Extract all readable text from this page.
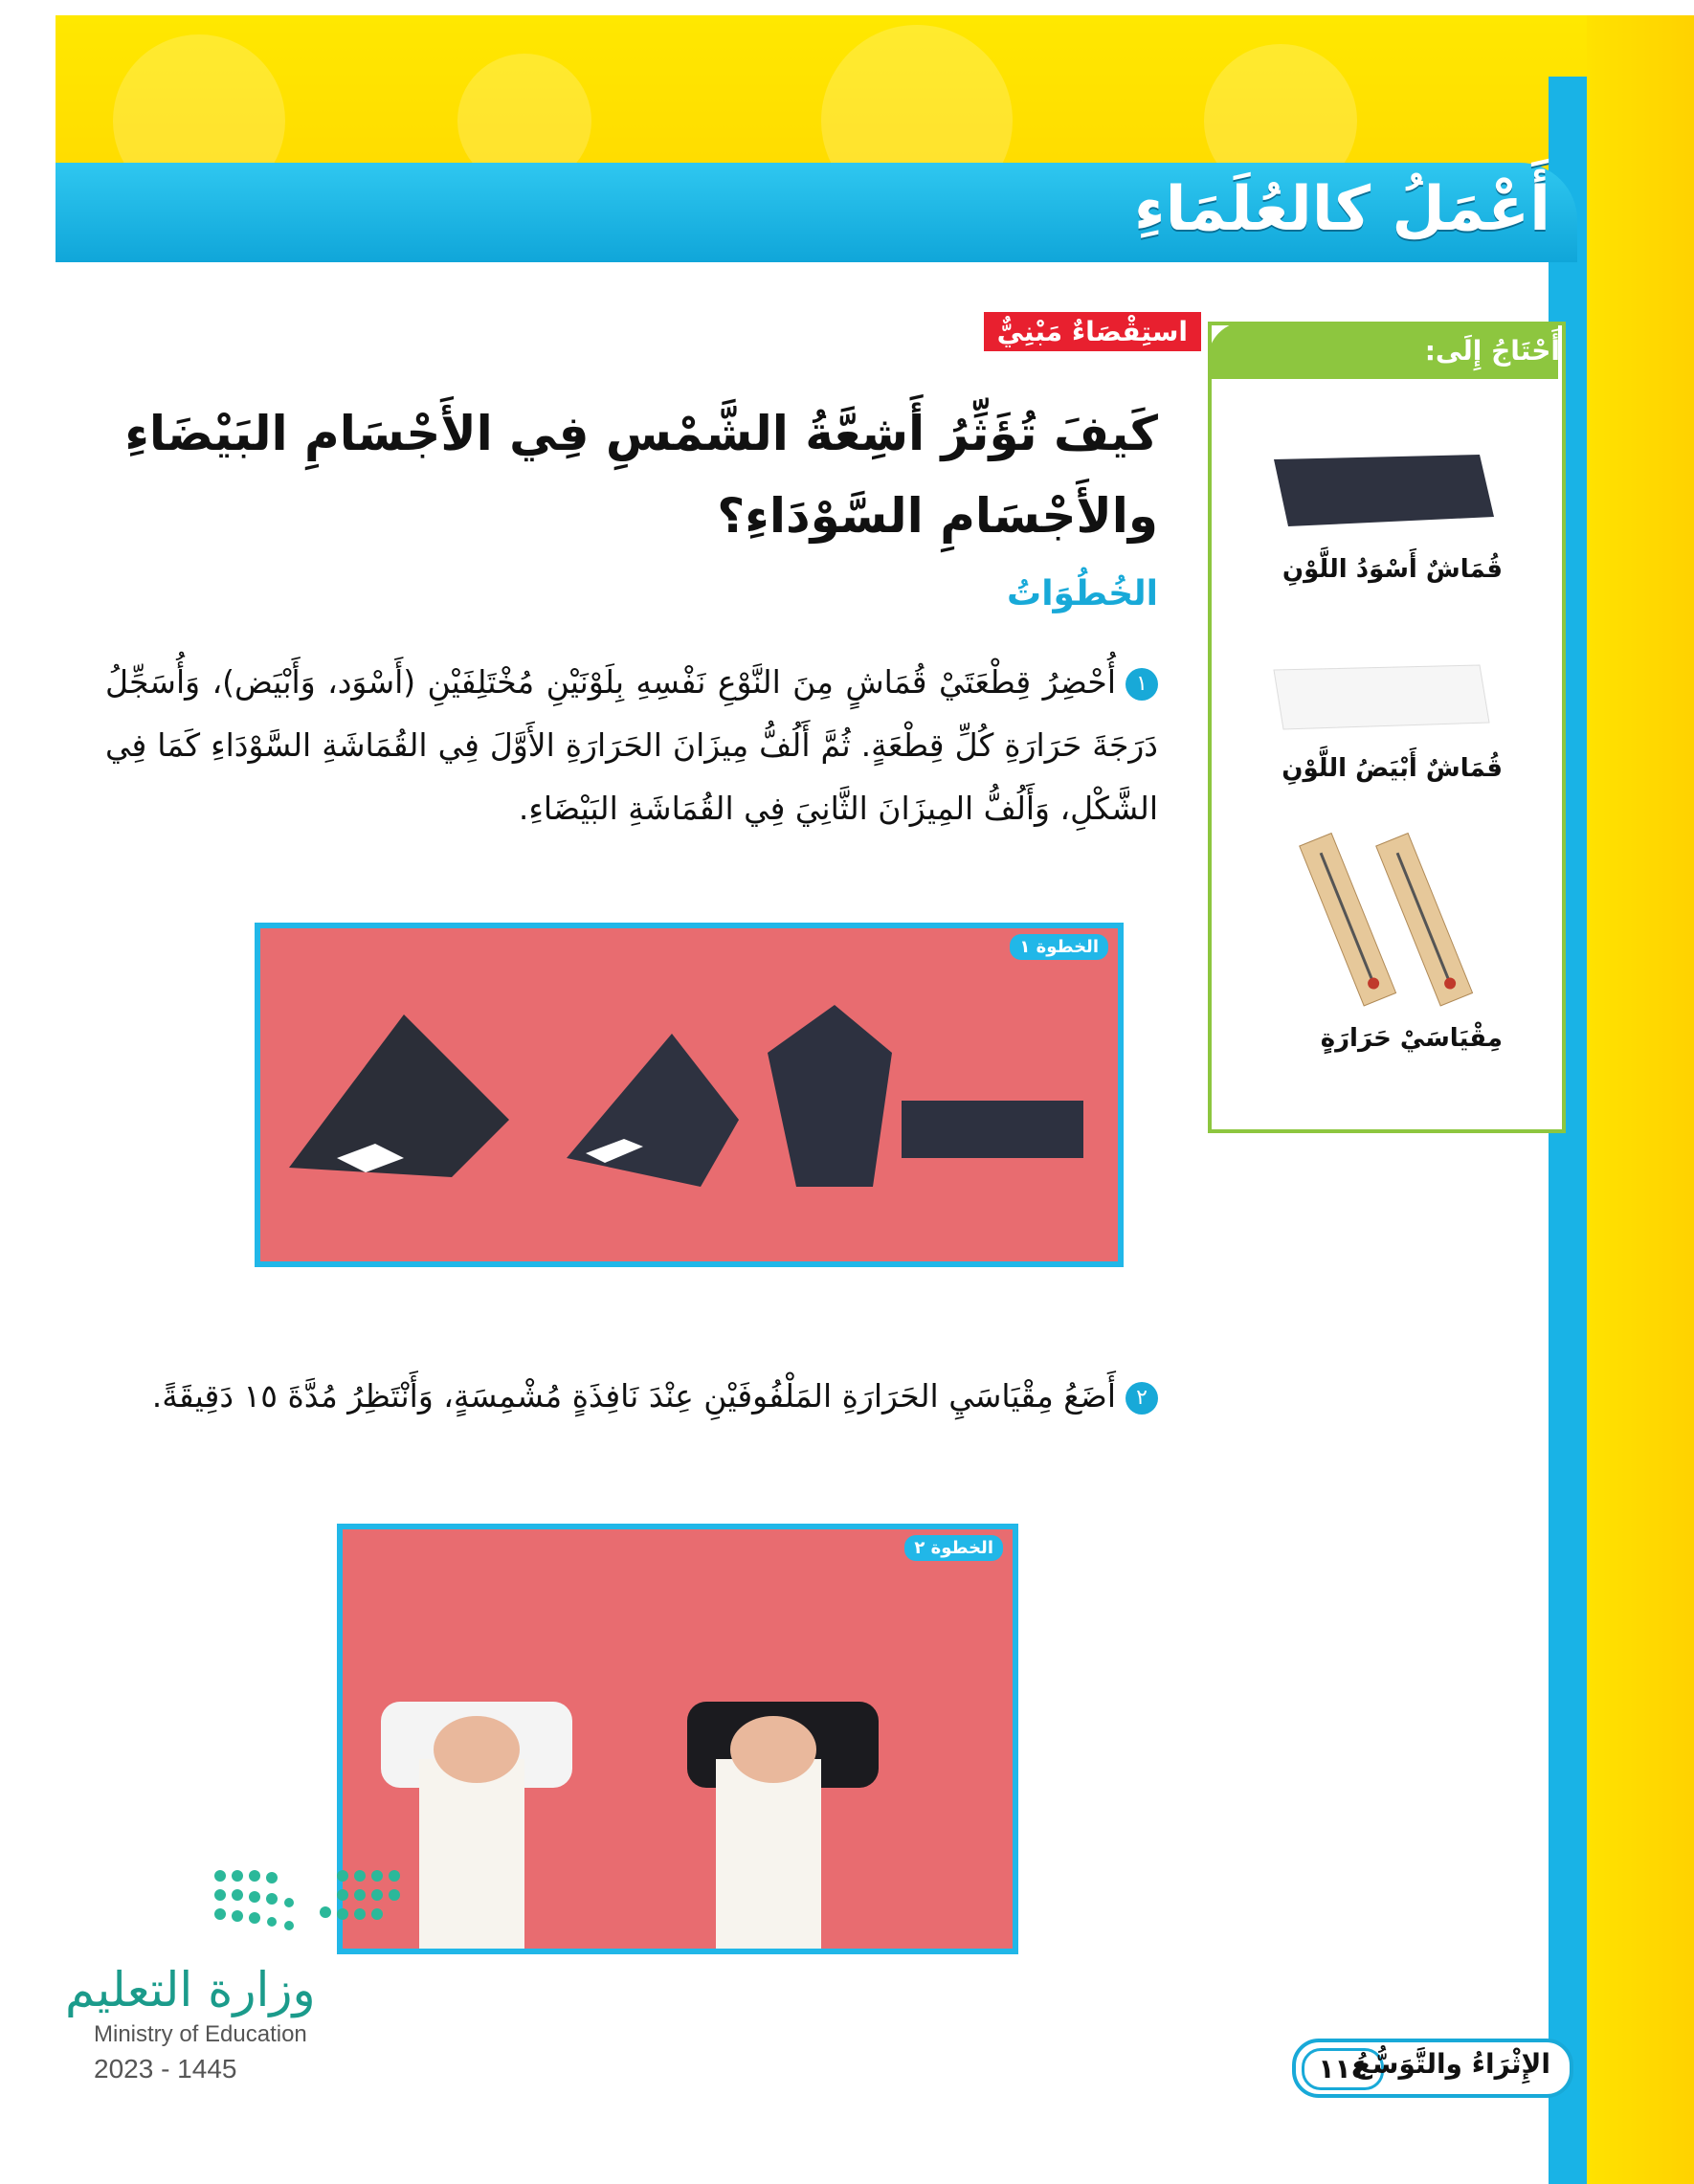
أَعْمَلُ كالعُلَمَاءِ
استِقْصَاءٌ مَبْنِيٌّ
كَيفَ تُؤَثِّرُ أَشِعَّةُ الشَّمْسِ فِي الأَجْسَامِ البَيْضَاءِ والأَجْسَامِ السَّوْدَاءِ؟
الخُطُوَاتُ
١أُحْضِرُ قِطْعَتَيْ قُمَاشٍ مِنَ النَّوْعِ نَفْسِهِ بِلَوْنَيْنِ مُخْتَلِفَيْنِ (أَسْوَد، وَأَبْيَض)، وَأُسَجِّلُ دَرَجَةَ حَرَارَةِ كُلِّ قِطْعَةٍ. ثُمَّ أَلُفُّ مِيزَانَ الحَرَارَةِ الأَوَّلَ فِي القُمَاشَةِ السَّوْدَاءِ كَمَا فِي الشَّكْلِ، وَأَلُفُّ المِيزَانَ الثَّانِيَ فِي القُمَاشَةِ البَيْضَاءِ.
الخطوة ١
٢أَضَعُ مِقْيَاسَيِ الحَرَارَةِ المَلْفُوفَيْنِ عِنْدَ نَافِذَةٍ مُشْمِسَةٍ، وَأَنْتَظِرُ مُدَّةَ ١٥ دَقِيقَةً.
الخطوة ٢
أَحْتَاجُ إِلَى:
قُمَاشٌ أَسْوَدُ اللَّوْنِ
قُمَاشٌ أَبْيَضُ اللَّوْنِ
مِقْيَاسَيْ حَرَارَةٍ
وزارة التعليم
Ministry of Education
2023 - 1445	١١٤
الإِثْرَاءُ والتَّوَسُّعُ
